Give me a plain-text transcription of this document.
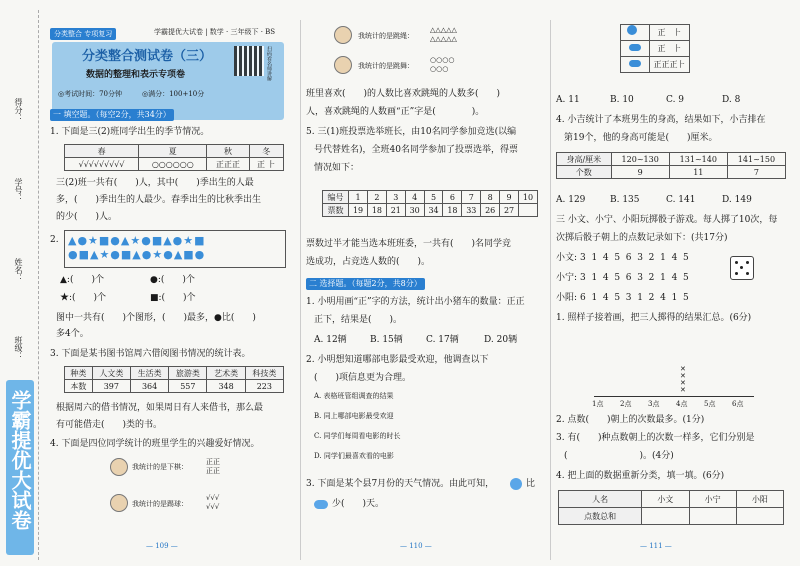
得分：
学号：
姓名：
班级：
学霸提优大试卷
分类整合 专项复习	学霸提优大试卷 | 数学 · 三年级下 · BS
分类整合测试卷（三）
数据的整理和表示专项卷
◎考试时间：70分钟	◎满分：100+10分
扫码看名师讲解
一 填空题。（每空2分，共34分）
1. 下面是三(2)班同学出生的季节情况。
春	夏	秋	冬
√√√√√√√√√	○○○○○○	正正正	正 ⺊
三(2)班一共有(　　)人，其中(　　)季出生的人最
多，(　　)季出生的人最少。春季出生的比秋季出生
的少(　　)人。
2. ▲●★■●▲★●■▲●★■
●■▲★●■▲●★●▲■●
▲:(　　)个	●:(　　)个
★:(　　)个	■:(　　)个
图中一共有(　　)个图形，(　　)最多，●比(　　)
多4个。
3. 下面是某书图书馆周六借阅图书情况的统计表。
种类	人文类	生活类	旅游类	艺术类	科技类
本数	397	364	557	348	223
根据周六的借书情况，如果周日有人来借书，那么最
有可能借走(　　)类的书。
4. 下面是四位同学统计的班里学生的兴趣爱好情况。
我统计的是下棋：
正正
正正
我统计的是踢球：
√√√
√√√
— 109 —
我统计的是跳绳：
△△△△△
△△△△△
我统计的是跳舞：
○○○○
○○○
班里喜欢(　　)的人数比喜欢跳绳的人数多(　　)
人，喜欢跳绳的人数画“正”字是(　　　　)。
5. 三(1)班投票选举班长，由10名同学参加竞选(以编
号代替姓名)，全班40名同学参加了投票选举，得票
情况如下：
编号	1	2	3	4	5	6	7	8	9	10
票数	19	18	21	30	34	18	33	26	27	
票数过半才能当选本班班委，一共有(　　)名同学竞
选成功，占竞选人数的(　　)。
二 选择题。（每题2分，共8分）
1. 小明用画“正”字的方法，统计出小猪车的数量：正正
正下，结果是(　　)。
A. 12辆	B. 15辆	C. 17辆	D. 20辆
2. 小明想知道哪部电影最受欢迎，他调查以下
(　　)项信息更为合理。
A. 表格班管组调查的结果
B. 同上哪部电影最受欢迎
C. 同学们每周看电影的时长
D. 同学们最喜欢看的电影
3. 下面是某个县7月份的天气情况。由此可知，	比
少(　　)天。
— 110 —
	正　⺊
	正　⺊
	正正正⺊
A. 11	B. 10	C. 9	D. 8
4. 小吉统计了本班男生的身高，结果如下，小吉排在
第19个，他的身高可能是(　　)厘米。
身高/厘米	120~130	131~140	141~150
个数	9	11	7
A. 129	B. 135	C. 141	D. 149
三 小文、小宁、小阳玩掷骰子游戏。每人掷了10次，每
次掷后骰子朝上的点数记录如下：(共17分)
小文: 3  1  4  5  6  3  2  1  4  5
小宁: 3  1  4  5  6  3  2  1  4  5
小阳: 6  1  4  5  3  1  2  4  1  5
1. 照样子接着画，把三人掷得的结果汇总。(6分)
✕
✕
✕
✕
1点 2点 3点 4点 5点 6点
2. 点数(　　)朝上的次数最多。(1分)
3. 有(　　)种点数朝上的次数一样多，它们分别是
(　　　　　　　　)。(4分)
4. 把上面的数据重新分类，填一填。(6分)
人名	小文	小宁	小阳
点数总和			
— 111 —
